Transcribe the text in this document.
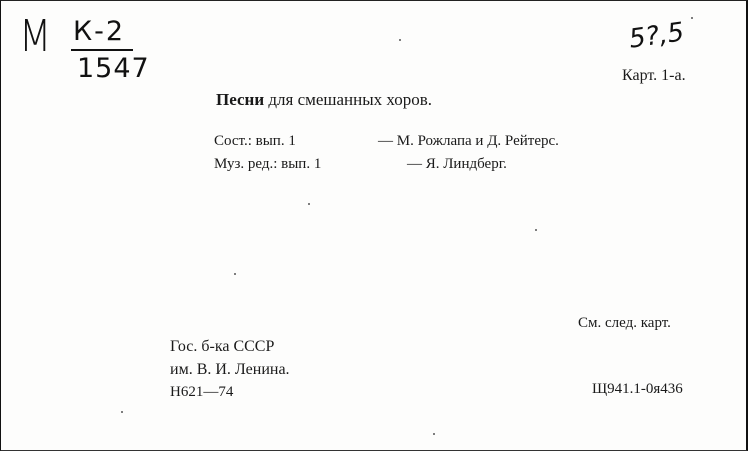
М К-2
1547
5?,5
Карт. 1-а.
Песни для смешанных хоров.
Сост.: вып. 1	— М. Рожлапа и Д. Рейтерс.
Муз. ред.: вып. 1	— Я. Линдберг.
См. след. карт.
Гос. б-ка СССР
им. В. И. Ленина.
Н621—74	Щ941.1-0я436
